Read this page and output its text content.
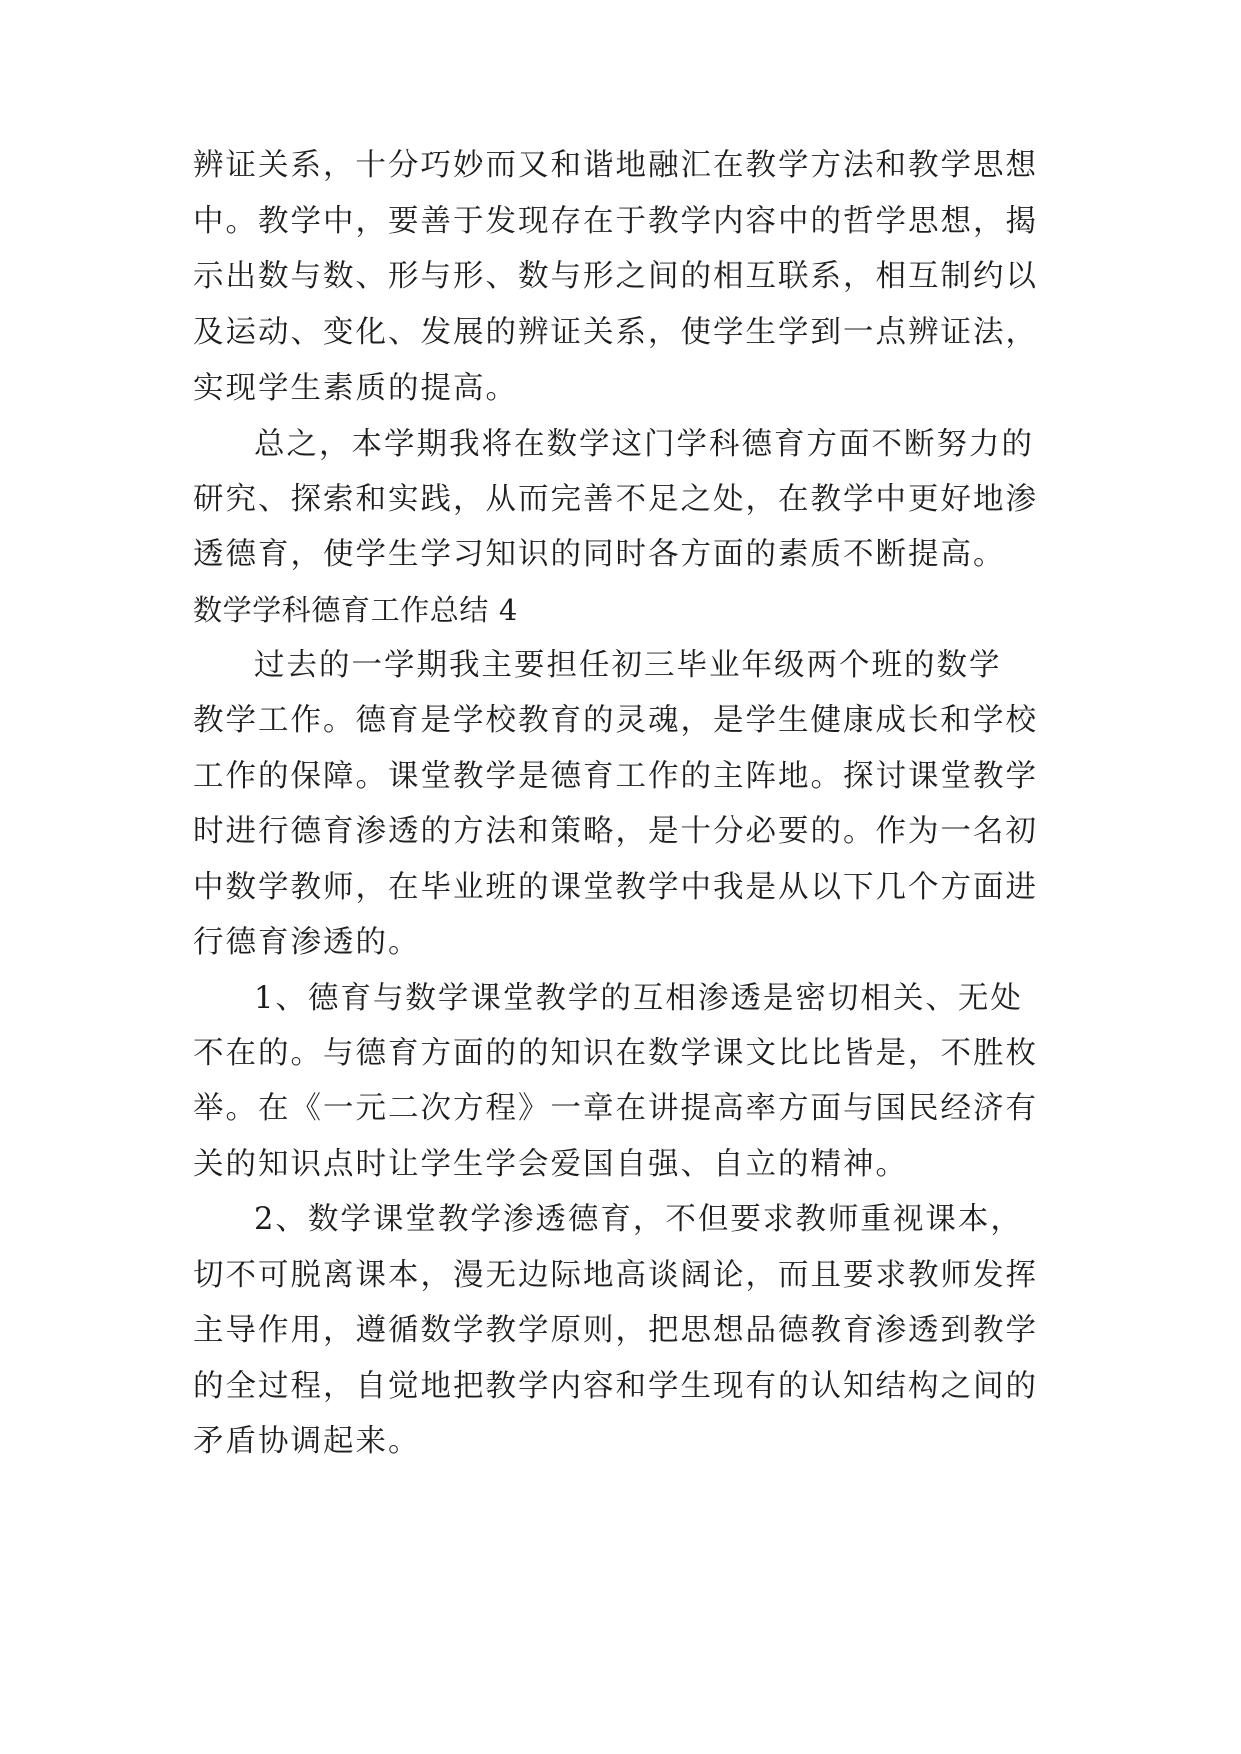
辨证关系，十分巧妙而又和谐地融汇在教学方法和教学思想
中。教学中，要善于发现存在于教学内容中的哲学思想，揭
示出数与数、形与形、数与形之间的相互联系，相互制约以
及运动、变化、发展的辨证关系，使学生学到一点辨证法，
实现学生素质的提高。
总之，本学期我将在数学这门学科德育方面不断努力的
研究、探索和实践，从而完善不足之处，在教学中更好地渗
透德育，使学生学习知识的同时各方面的素质不断提高。
数学学科德育工作总结 4
过去的一学期我主要担任初三毕业年级两个班的数学
教学工作。德育是学校教育的灵魂，是学生健康成长和学校
工作的保障。课堂教学是德育工作的主阵地。探讨课堂教学
时进行德育渗透的方法和策略，是十分必要的。作为一名初
中数学教师，在毕业班的课堂教学中我是从以下几个方面进
行德育渗透的。
1、德育与数学课堂教学的互相渗透是密切相关、无处
不在的。与德育方面的的知识在数学课文比比皆是，不胜枚
举。在《一元二次方程》一章在讲提高率方面与国民经济有
关的知识点时让学生学会爱国自强、自立的精神。
2、数学课堂教学渗透德育，不但要求教师重视课本，
切不可脱离课本，漫无边际地高谈阔论，而且要求教师发挥
主导作用，遵循数学教学原则，把思想品德教育渗透到教学
的全过程，自觉地把教学内容和学生现有的认知结构之间的
矛盾协调起来。
